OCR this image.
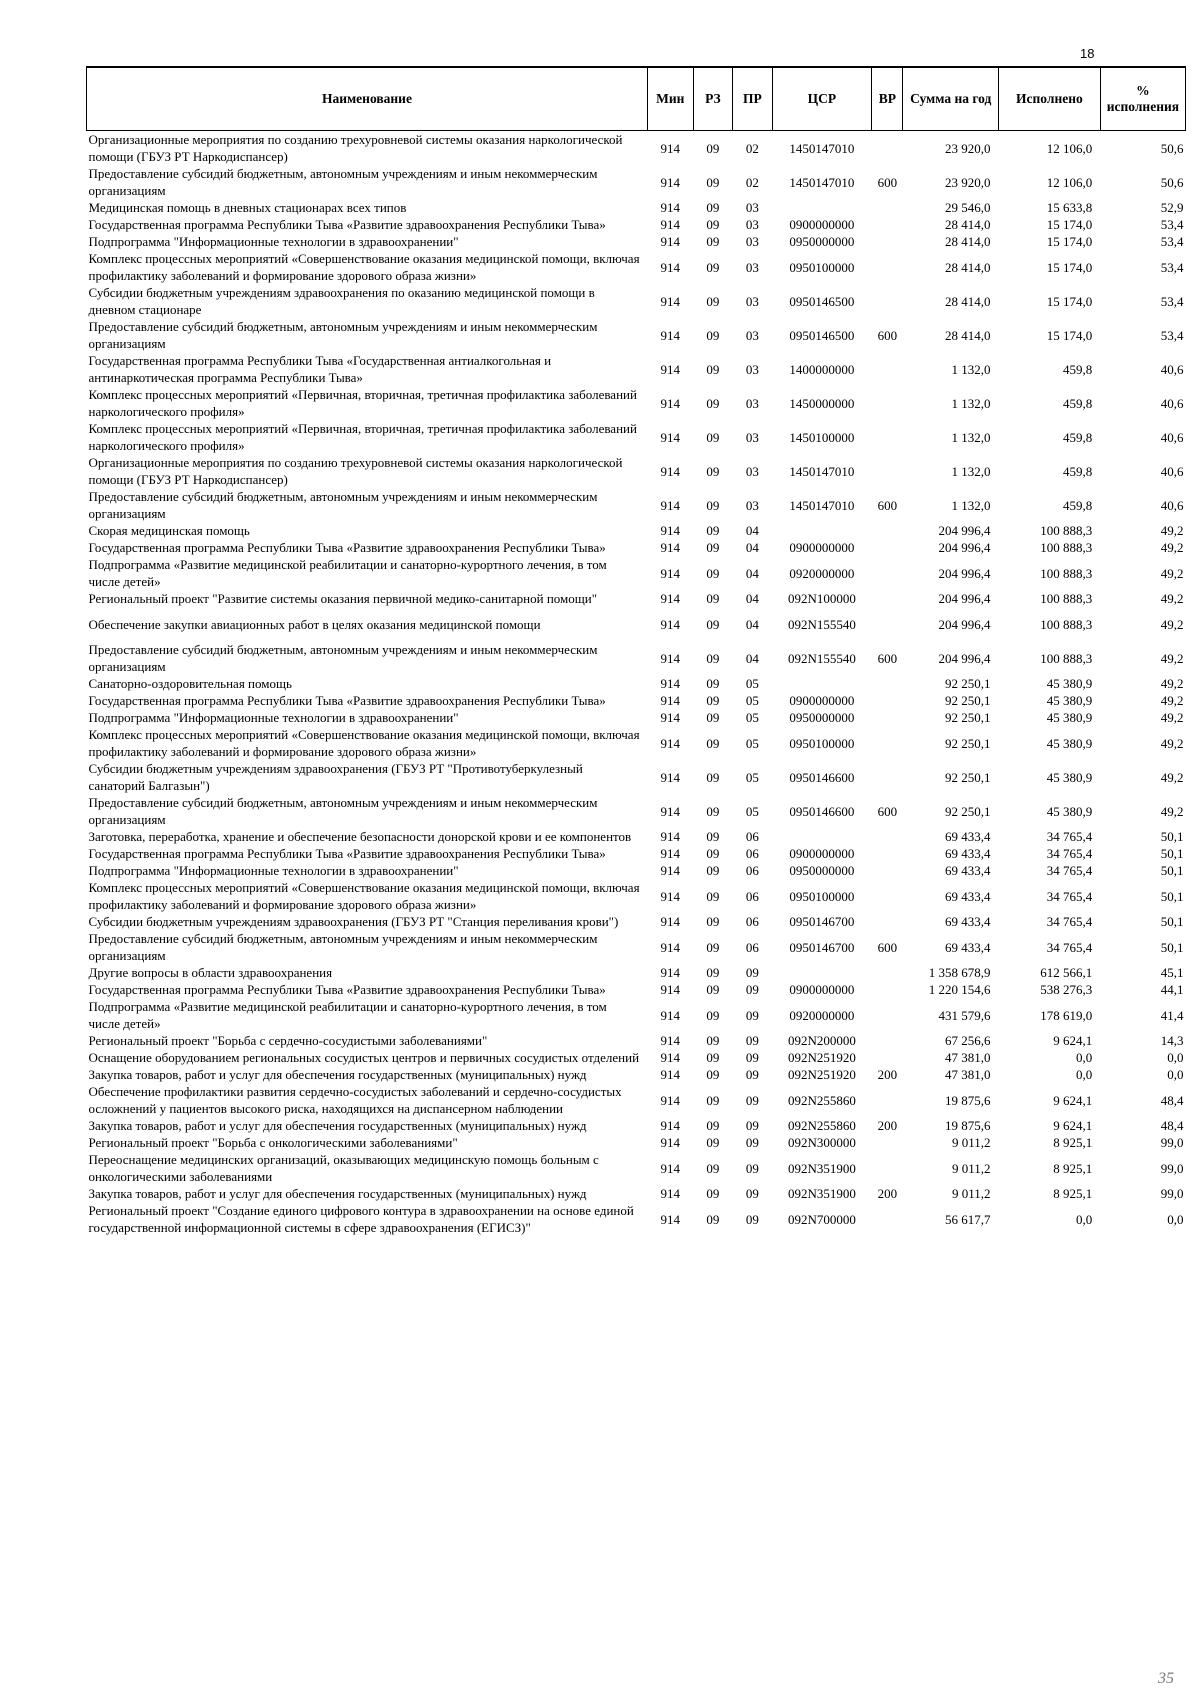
18
Наименование	Мин	РЗ	ПР	ЦСР	ВР	Сумма на год	Исполнено	% исполнения
Организационные мероприятия по созданию трехуровневой системы оказания наркологической помощи (ГБУЗ РТ Наркодиспансер)	914	09	02	1450147010		23 920,0	12 106,0	50,6
Предоставление субсидий бюджетным, автономным учреждениям и иным некоммерческим организациям	914	09	02	1450147010	600	23 920,0	12 106,0	50,6
Медицинская помощь в дневных стационарах всех типов	914	09	03			29 546,0	15 633,8	52,9
Государственная программа Республики Тыва «Развитие здравоохранения Республики Тыва»	914	09	03	0900000000		28 414,0	15 174,0	53,4
Подпрограмма "Информационные технологии в здравоохранении"	914	09	03	0950000000		28 414,0	15 174,0	53,4
Комплекс процессных мероприятий «Совершенствование оказания медицинской помощи, включая профилактику заболеваний и формирование здорового образа жизни»	914	09	03	0950100000		28 414,0	15 174,0	53,4
Субсидии бюджетным учреждениям здравоохранения по оказанию медицинской помощи в дневном стационаре	914	09	03	0950146500		28 414,0	15 174,0	53,4
Предоставление субсидий бюджетным, автономным учреждениям и иным некоммерческим организациям	914	09	03	0950146500	600	28 414,0	15 174,0	53,4
Государственная программа Республики Тыва «Государственная антиалкогольная и антинаркотическая программа Республики Тыва»	914	09	03	1400000000		1 132,0	459,8	40,6
Комплекс процессных мероприятий «Первичная, вторичная, третичная профилактика заболеваний наркологического профиля»	914	09	03	1450000000		1 132,0	459,8	40,6
Комплекс процессных мероприятий «Первичная, вторичная, третичная профилактика заболеваний наркологического профиля»	914	09	03	1450100000		1 132,0	459,8	40,6
Организационные мероприятия по созданию трехуровневой системы оказания наркологической помощи (ГБУЗ РТ Наркодиспансер)	914	09	03	1450147010		1 132,0	459,8	40,6
Предоставление субсидий бюджетным, автономным учреждениям и иным некоммерческим организациям	914	09	03	1450147010	600	1 132,0	459,8	40,6
Скорая медицинская помощь	914	09	04			204 996,4	100 888,3	49,2
Государственная программа Республики Тыва «Развитие здравоохранения Республики Тыва»	914	09	04	0900000000		204 996,4	100 888,3	49,2
Подпрограмма «Развитие медицинской реабилитации и санаторно-курортного лечения, в том числе детей»	914	09	04	0920000000		204 996,4	100 888,3	49,2
Региональный проект "Развитие системы оказания первичной медико-санитарной помощи"	914	09	04	092N100000		204 996,4	100 888,3	49,2
Обеспечение закупки авиационных работ в целях оказания медицинской помощи	914	09	04	092N155540		204 996,4	100 888,3	49,2
Предоставление субсидий бюджетным, автономным учреждениям и иным некоммерческим организациям	914	09	04	092N155540	600	204 996,4	100 888,3	49,2
Санаторно-оздоровительная помощь	914	09	05			92 250,1	45 380,9	49,2
Государственная программа Республики Тыва «Развитие здравоохранения Республики Тыва»	914	09	05	0900000000		92 250,1	45 380,9	49,2
Подпрограмма "Информационные технологии в здравоохранении"	914	09	05	0950000000		92 250,1	45 380,9	49,2
Комплекс процессных мероприятий «Совершенствование оказания медицинской помощи, включая профилактику заболеваний и формирование здорового образа жизни»	914	09	05	0950100000		92 250,1	45 380,9	49,2
Субсидии бюджетным учреждениям здравоохранения (ГБУЗ РТ "Противотуберкулезный санаторий Балгазын")	914	09	05	0950146600		92 250,1	45 380,9	49,2
Предоставление субсидий бюджетным, автономным учреждениям и иным некоммерческим организациям	914	09	05	0950146600	600	92 250,1	45 380,9	49,2
Заготовка, переработка, хранение и обеспечение безопасности донорской крови и ее компонентов	914	09	06			69 433,4	34 765,4	50,1
Государственная программа Республики Тыва «Развитие здравоохранения Республики Тыва»	914	09	06	0900000000		69 433,4	34 765,4	50,1
Подпрограмма "Информационные технологии в здравоохранении"	914	09	06	0950000000		69 433,4	34 765,4	50,1
Комплекс процессных мероприятий «Совершенствование оказания медицинской помощи, включая профилактику заболеваний и формирование здорового образа жизни»	914	09	06	0950100000		69 433,4	34 765,4	50,1
Субсидии бюджетным учреждениям здравоохранения (ГБУЗ РТ "Станция переливания крови")	914	09	06	0950146700		69 433,4	34 765,4	50,1
Предоставление субсидий бюджетным, автономным учреждениям и иным некоммерческим организациям	914	09	06	0950146700	600	69 433,4	34 765,4	50,1
Другие вопросы в области здравоохранения	914	09	09			1 358 678,9	612 566,1	45,1
Государственная программа Республики Тыва «Развитие здравоохранения Республики Тыва»	914	09	09	0900000000		1 220 154,6	538 276,3	44,1
Подпрограмма «Развитие медицинской реабилитации и санаторно-курортного лечения, в том числе детей»	914	09	09	0920000000		431 579,6	178 619,0	41,4
Региональный проект "Борьба с сердечно-сосудистыми заболеваниями"	914	09	09	092N200000		67 256,6	9 624,1	14,3
Оснащение оборудованием региональных сосудистых центров и первичных сосудистых отделений	914	09	09	092N251920		47 381,0	0,0	0,0
Закупка товаров, работ и услуг для обеспечения государственных (муниципальных) нужд	914	09	09	092N251920	200	47 381,0	0,0	0,0
Обеспечение профилактики развития сердечно-сосудистых заболеваний и сердечно-сосудистых осложнений у пациентов высокого риска, находящихся на диспансерном наблюдении	914	09	09	092N255860		19 875,6	9 624,1	48,4
Закупка товаров, работ и услуг для обеспечения государственных (муниципальных) нужд	914	09	09	092N255860	200	19 875,6	9 624,1	48,4
Региональный проект "Борьба с онкологическими заболеваниями"	914	09	09	092N300000		9 011,2	8 925,1	99,0
Переоснащение медицинских организаций, оказывающих медицинскую помощь больным с онкологическими заболеваниями	914	09	09	092N351900		9 011,2	8 925,1	99,0
Закупка товаров, работ и услуг для обеспечения государственных (муниципальных) нужд	914	09	09	092N351900	200	9 011,2	8 925,1	99,0
Региональный проект "Создание единого цифрового контура в здравоохранении на основе единой государственной информационной системы в сфере здравоохранения (ЕГИСЗ)"	914	09	09	092N700000		56 617,7	0,0	0,0
35
